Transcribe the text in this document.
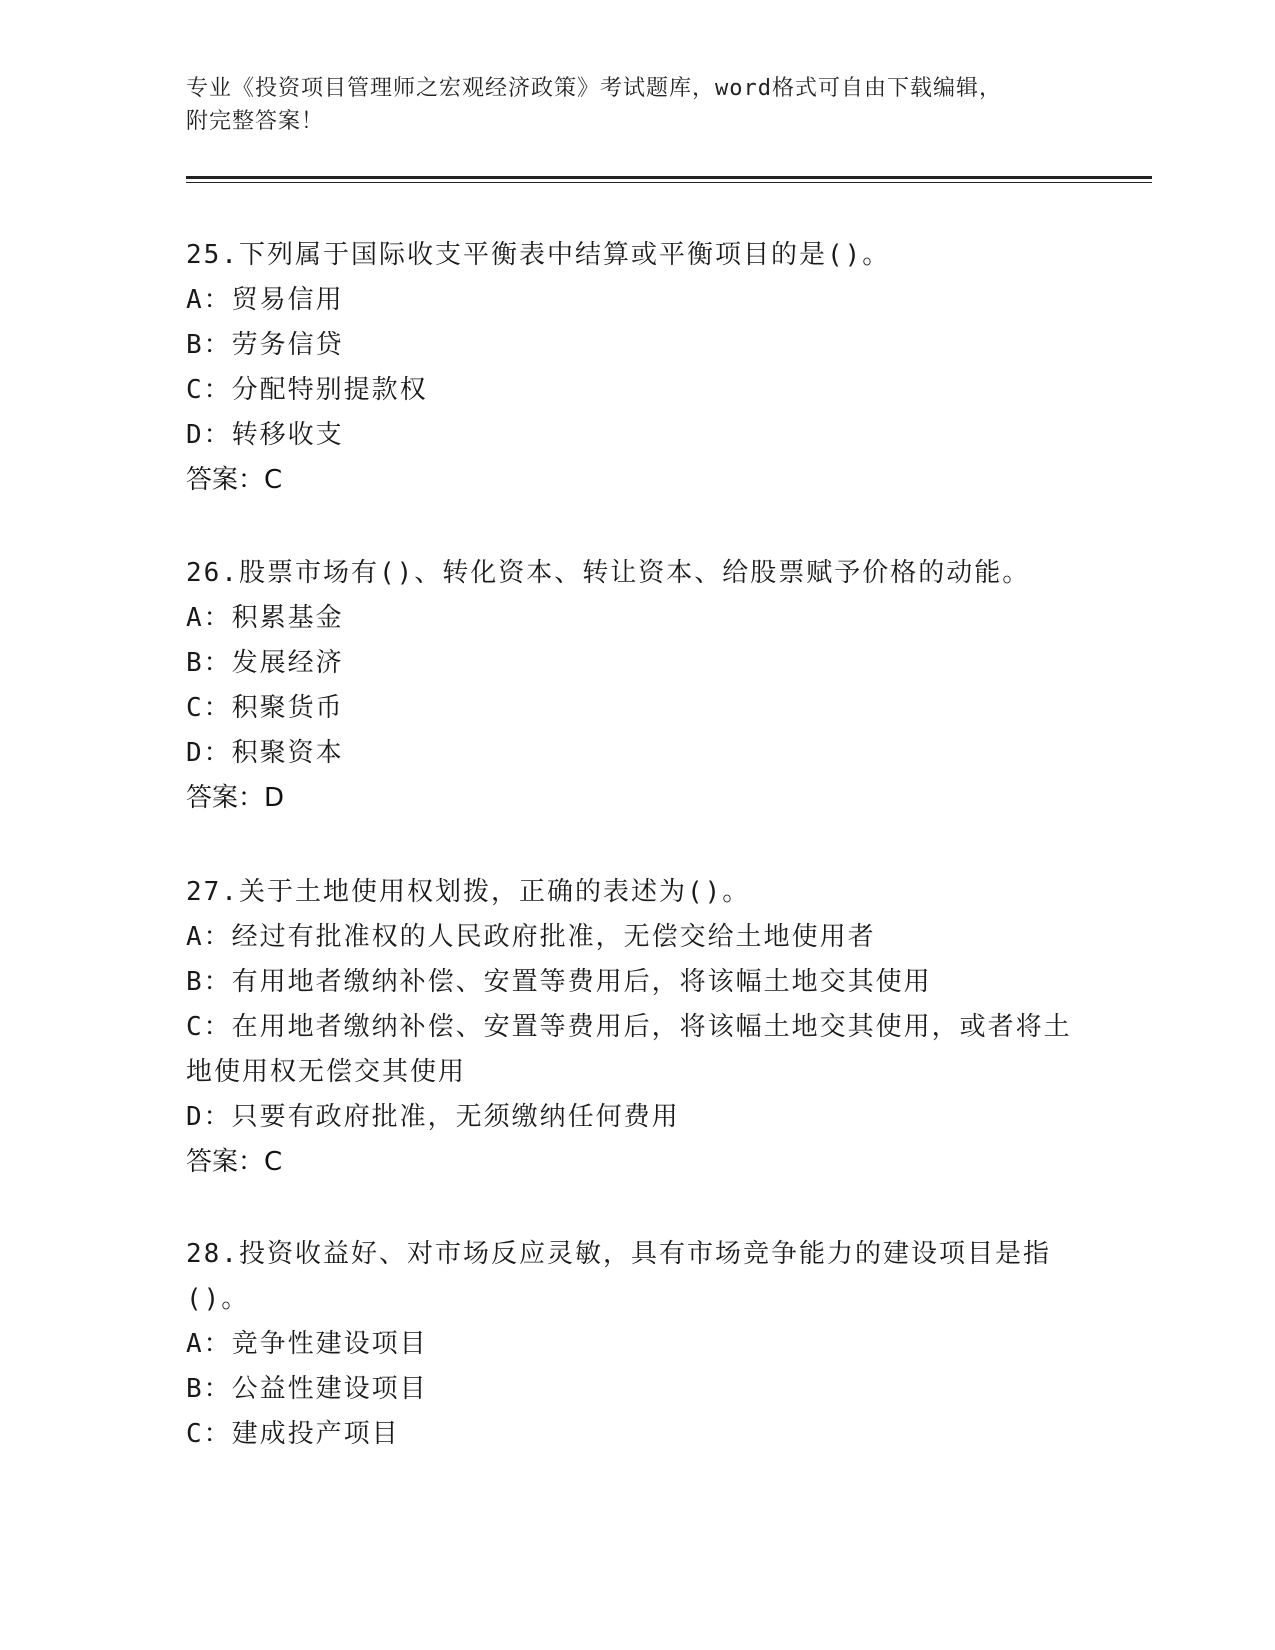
专业《投资项目管理师之宏观经济政策》考试题库，word格式可自由下载编辑，
附完整答案！
25.下列属于国际收支平衡表中结算或平衡项目的是()。
A：贸易信用
B：劳务信贷
C：分配特别提款权
D：转移收支
答案：C
26.股票市场有()、转化资本、转让资本、给股票赋予价格的动能。
A：积累基金
B：发展经济
C：积聚货币
D：积聚资本
答案：D
27.关于土地使用权划拨，正确的表述为()。
A：经过有批准权的人民政府批准，无偿交给土地使用者
B：有用地者缴纳补偿、安置等费用后，将该幅土地交其使用
C：在用地者缴纳补偿、安置等费用后，将该幅土地交其使用，或者将土地使用权无偿交其使用
D：只要有政府批准，无须缴纳任何费用
答案：C
28.投资收益好、对市场反应灵敏，具有市场竞争能力的建设项目是指()。
A：竞争性建设项目
B：公益性建设项目
C：建成投产项目
